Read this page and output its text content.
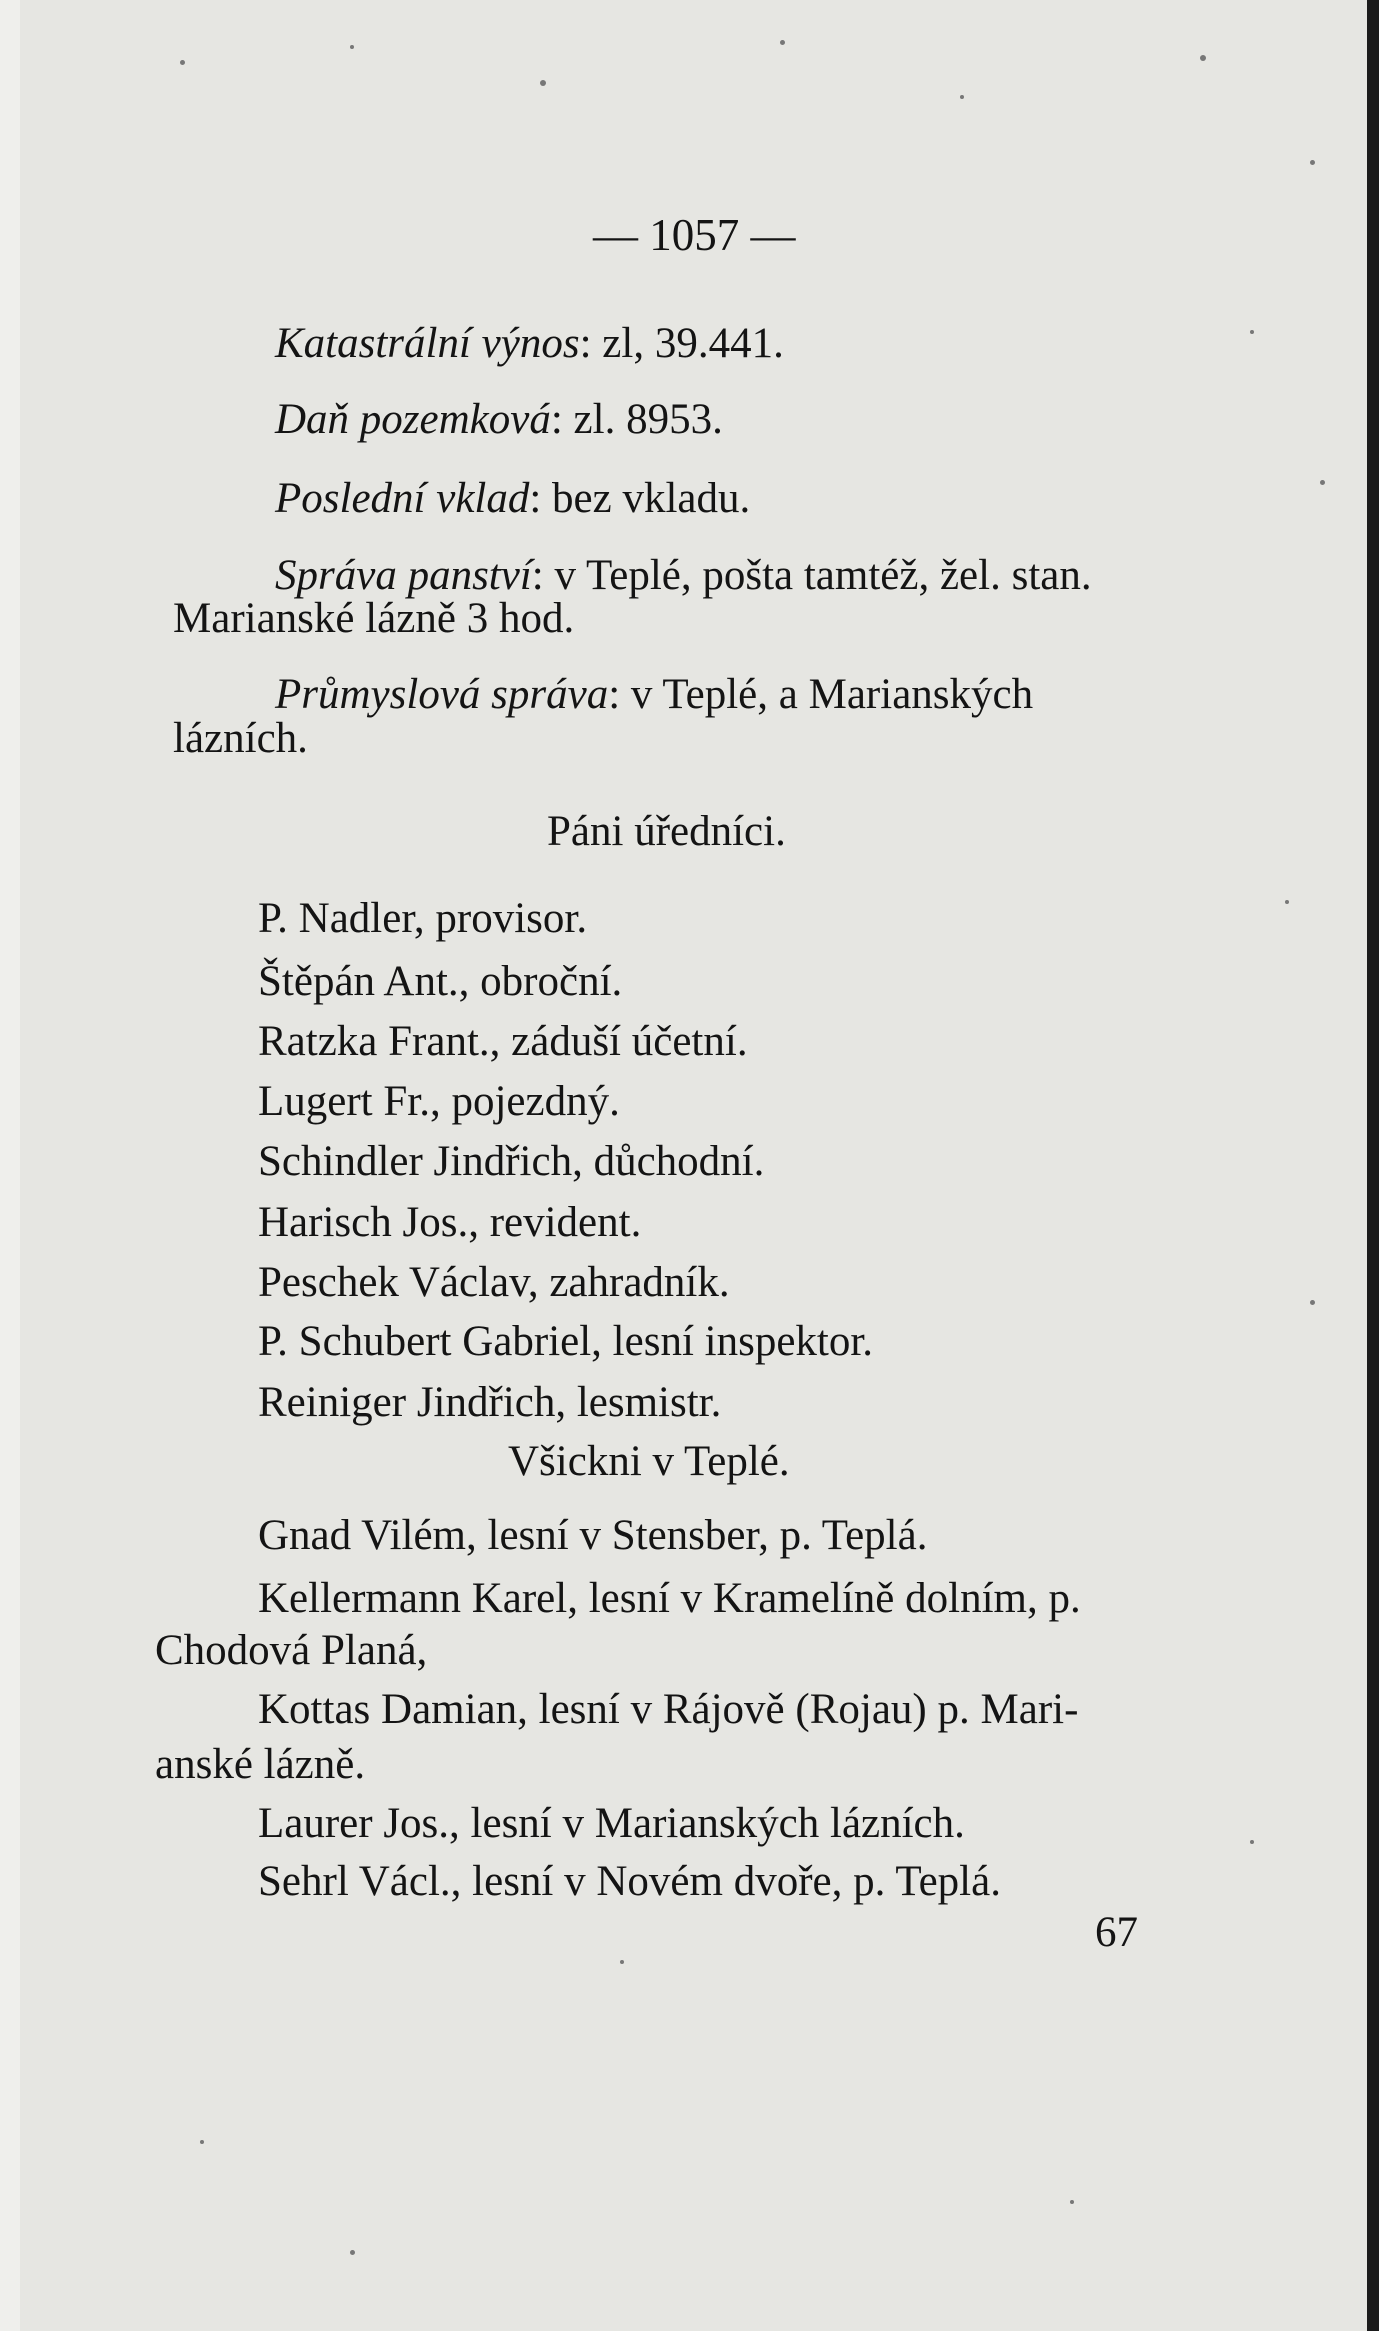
— 1057 —
Katastrální výnos: zl, 39.441.
Daň pozemková: zl. 8953.
Poslední vklad: bez vkladu.
Správa panství: v Teplé, pošta tamtéž, žel. stan.
Marianské lázně 3 hod.
Průmyslová správa: v Teplé, a Marianských
lázních.
Páni úředníci.
P. Nadler, provisor.
Štěpán Ant., obroční.
Ratzka Frant., záduší účetní.
Lugert Fr., pojezdný.
Schindler Jindřich, důchodní.
Harisch Jos., revident.
Peschek Václav, zahradník.
P. Schubert Gabriel, lesní inspektor.
Reiniger Jindřich, lesmistr.
Všickni v Teplé.
Gnad Vilém, lesní v Stensber, p. Teplá.
Kellermann Karel, lesní v Kramelíně dolním, p.
Chodová Planá,
Kottas Damian, lesní v Rájově (Rojau) p. Mari-
anské lázně.
Laurer Jos., lesní v Marianských lázních.
Sehrl Václ., lesní v Novém dvoře, p. Teplá.
67
